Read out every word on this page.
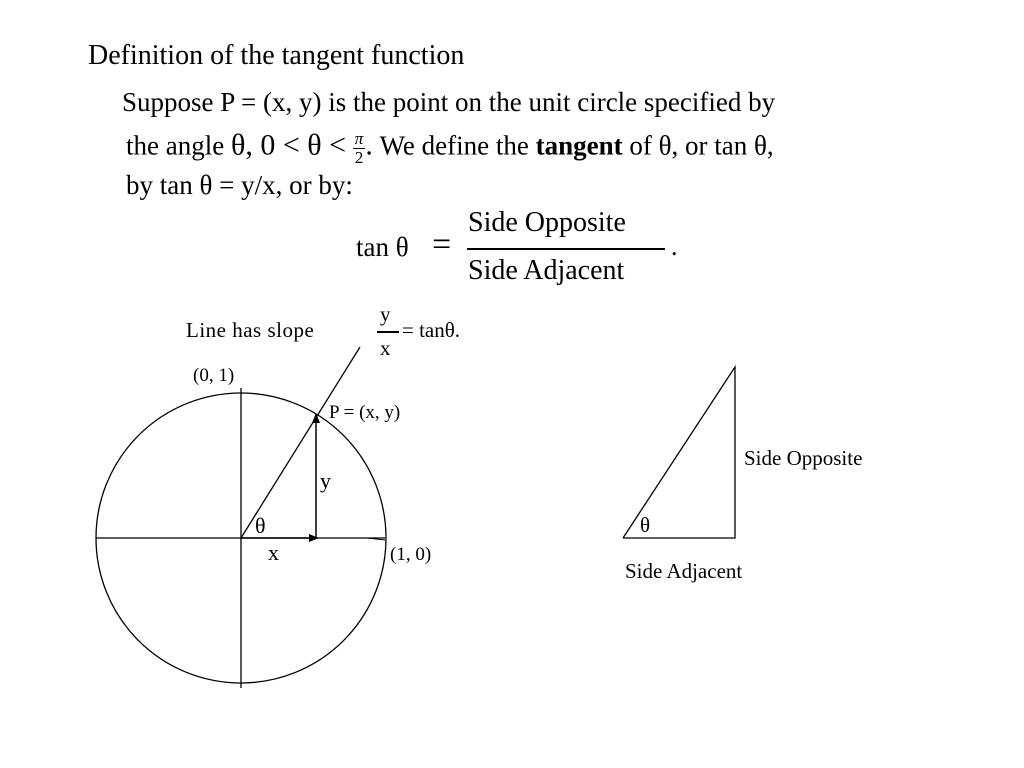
Definition of the tangent function
Suppose P = (x, y) is the point on the unit circle specified by
the angle θ, $0 < \theta < \frac{\pi}{2}$ . We define the tangent of θ, or tan θ,
by tan θ = y/x, or by:
tan θ =
Side Opposite
Side Adjacent
.
Line has slope
y
x
= tanθ.
(0, 1)
P = (x, y)
y
θ
x	(1, 0)
Side Opposite
θ
Side Adjacent
